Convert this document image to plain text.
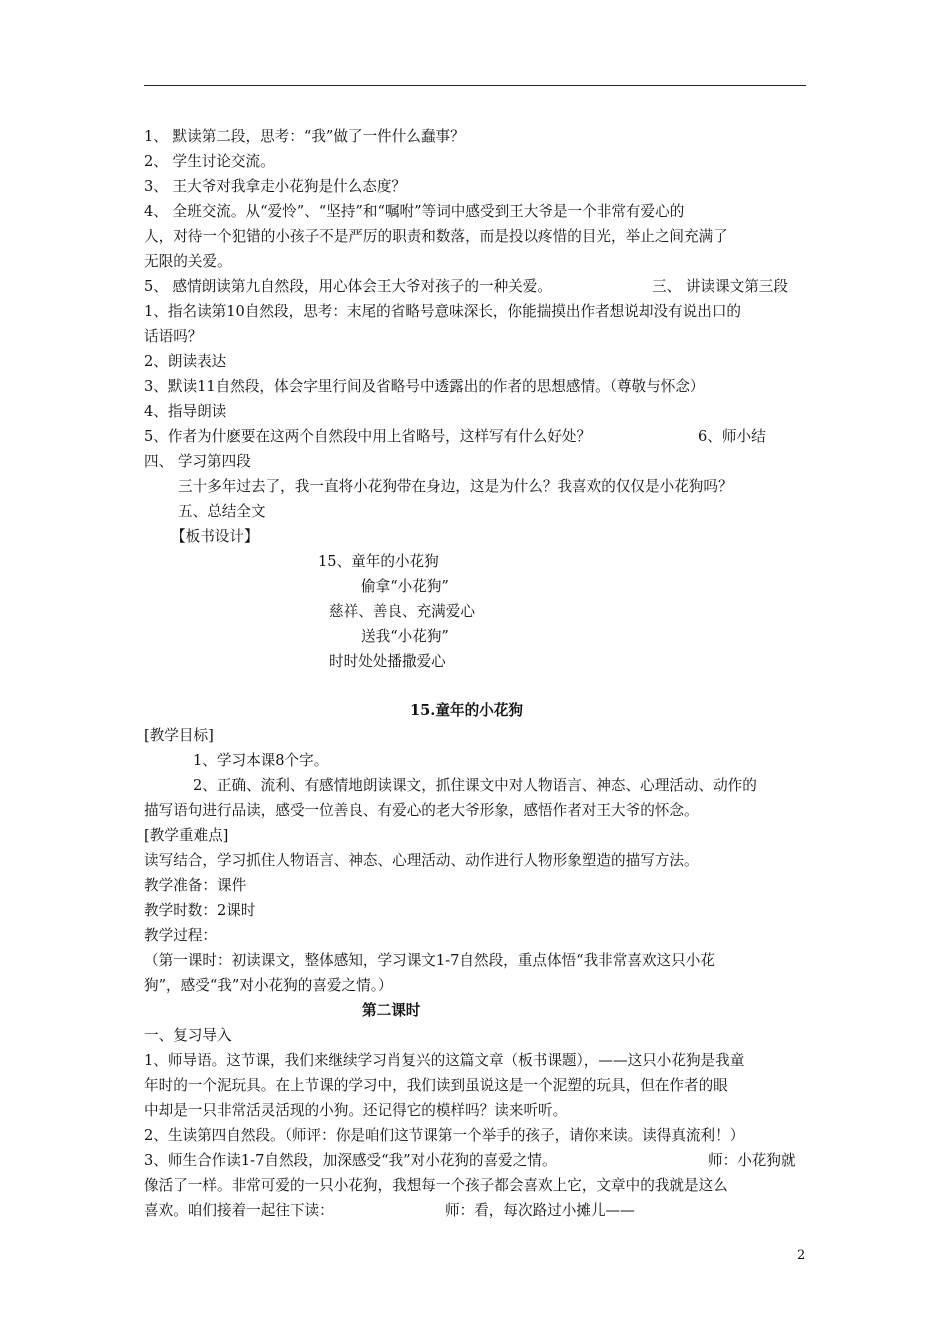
1、 默读第二段，思考：“我”做了一件什么蠢事？
2、 学生讨论交流。
3、 王大爷对我拿走小花狗是什么态度？
4、 全班交流。从“爱怜”、“坚持”和“嘱咐”等词中感受到王大爷是一个非常有爱心的
人，对待一个犯错的小孩子不是严厉的职责和数落，而是投以疼惜的目光，举止之间充满了
无限的关爱。
5、 感情朗读第九自然段，用心体会王大爷对孩子的一种关爱。	三、 讲读课文第三段
1、指名读第10自然段，思考：末尾的省略号意味深长，你能揣摸出作者想说却没有说出口的
话语吗？
2、朗读表达
3、默读11自然段，体会字里行间及省略号中透露出的作者的思想感情。（尊敬与怀念）
4、指导朗读
5、作者为什麽要在这两个自然段中用上省略号，这样写有什么好处？	6、师小结
四、 学习第四段
三十多年过去了，我一直将小花狗带在身边，这是为什么？我喜欢的仅仅是小花狗吗？
五、总结全文
【板书设计】
15、童年的小花狗
偷拿“小花狗”
慈祥、善良、充满爱心
送我“小花狗”
时时处处播撒爱心
15.童年的小花狗
[教学目标]
1、学习本课8个字。
2、正确、流利、有感情地朗读课文，抓住课文中对人物语言、神态、心理活动、动作的
描写语句进行品读，感受一位善良、有爱心的老大爷形象，感悟作者对王大爷的怀念。
[教学重难点]
读写结合，学习抓住人物语言、神态、心理活动、动作进行人物形象塑造的描写方法。
教学准备：课件
教学时数：2课时
教学过程：
（第一课时：初读课文，整体感知，学习课文1-7自然段，重点体悟“我非常喜欢这只小花
狗”，感受“我”对小花狗的喜爱之情。）
第二课时
一、复习导入
1、师导语。这节课，我们来继续学习肖复兴的这篇文章（板书课题），——这只小花狗是我童
年时的一个泥玩具。在上节课的学习中，我们读到虽说这是一个泥塑的玩具，但在作者的眼
中却是一只非常活灵活现的小狗。还记得它的模样吗？读来听听。
2、生读第四自然段。（师评：你是咱们这节课第一个举手的孩子，请你来读。读得真流利！）
3、师生合作读1-7自然段，加深感受“我”对小花狗的喜爱之情。	师：小花狗就
像活了一样。非常可爱的一只小花狗，我想每一个孩子都会喜欢上它，文章中的我就是这么
喜欢。咱们接着一起往下读：	师：看，每次路过小摊儿——
2
